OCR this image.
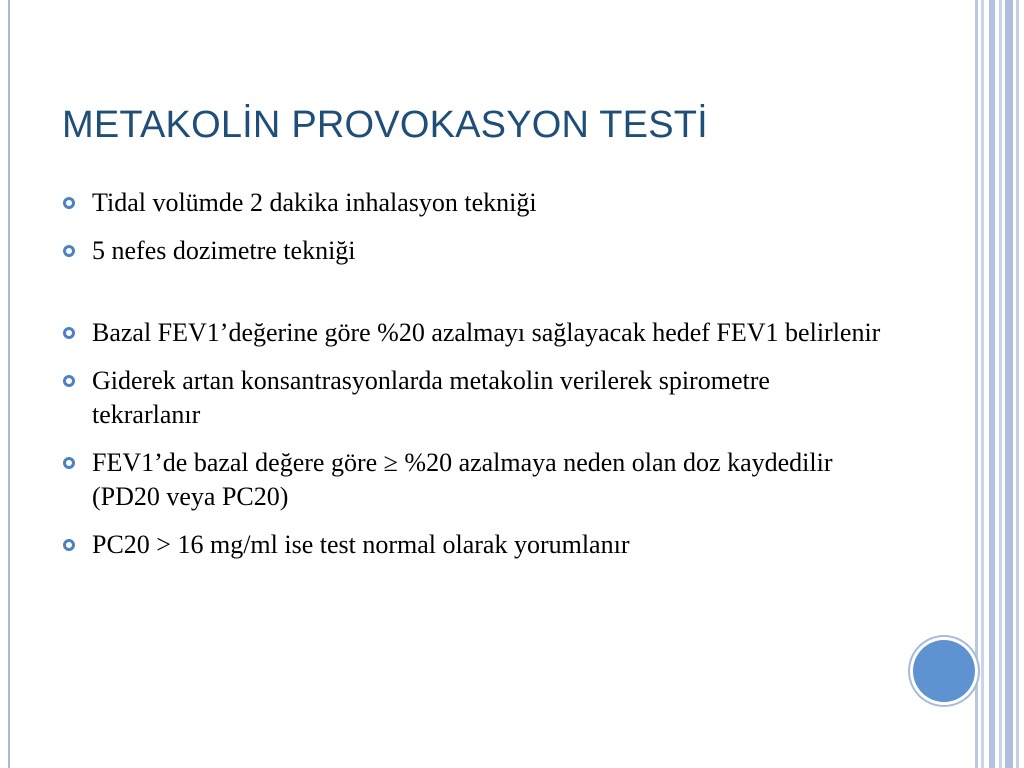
METAKOLİN PROVOKASYON TESTİ
Tidal volümde 2 dakika inhalasyon tekniği
5 nefes dozimetre tekniği
Bazal FEV1’değerine göre %20 azalmayı sağlayacak hedef FEV1 belirlenir
Giderek artan konsantrasyonlarda metakolin verilerek spirometre tekrarlanır
FEV1’de bazal değere göre ≥ %20 azalmaya neden olan doz kaydedilir (PD20 veya PC20)
PC20 > 16 mg/ml ise test normal olarak yorumlanır
